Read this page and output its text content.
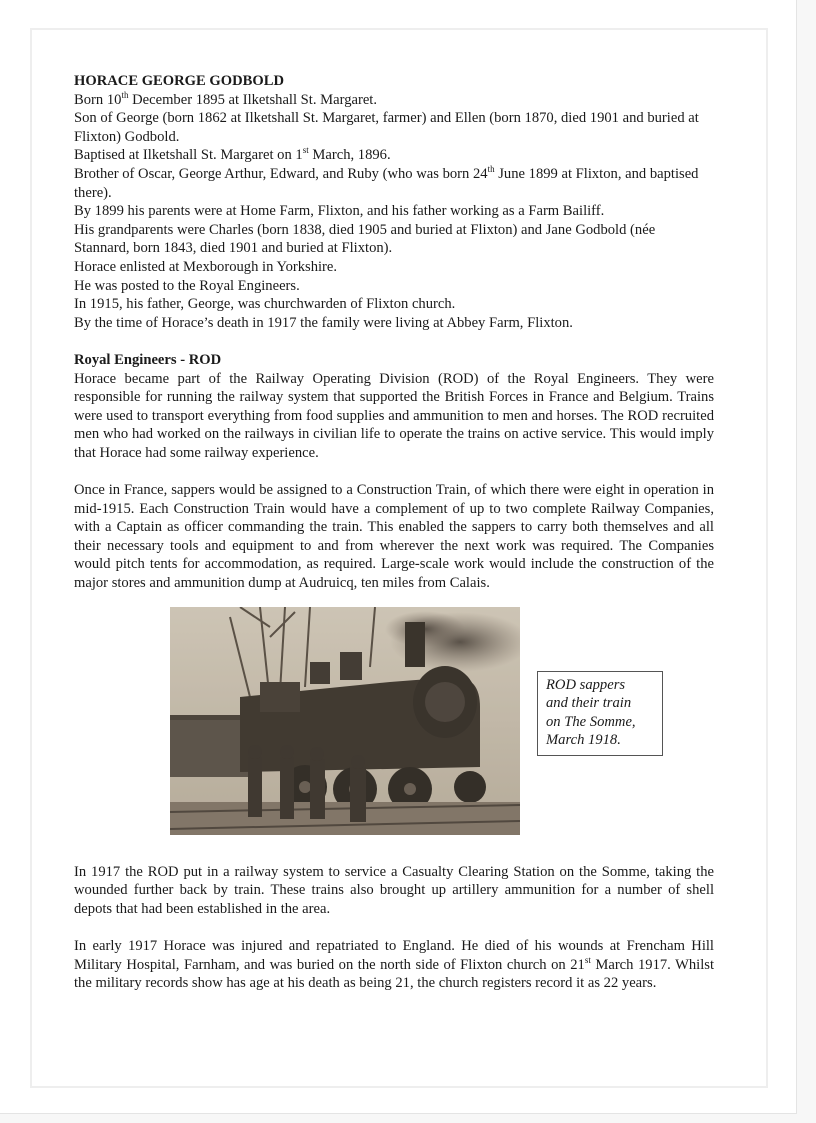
HORACE GEORGE GODBOLD

Born 10th December 1895 at Ilketshall St. Margaret.

Son of George (born 1862 at Ilketshall St. Margaret, farmer) and Ellen (born 1870, died 1901 and buried at Flixton) Godbold.

Baptised at Ilketshall St. Margaret on 1st March, 1896.

Brother of Oscar, George Arthur, Edward, and Ruby (who was born 24th June 1899 at Flixton, and baptised there).

By 1899 his parents were at Home Farm, Flixton, and his father working as a Farm Bailiff.

His grandparents were Charles (born 1838, died 1905 and buried at Flixton) and Jane Godbold (née Stannard, born 1843, died 1901 and buried at Flixton).

Horace enlisted at Mexborough in Yorkshire.

He was posted to the Royal Engineers.

In 1915, his father, George, was churchwarden of Flixton church.

By the time of Horace’s death in 1917 the family were living at Abbey Farm, Flixton.

Royal Engineers - ROD

Horace became part of the Railway Operating Division (ROD) of the Royal Engineers. They were responsible for running the railway system that supported the British Forces in France and Belgium. Trains were used to transport everything from food supplies and ammunition to men and horses. The ROD recruited men who had worked on the railways in civilian life to operate the trains on active service. This would imply that Horace had some railway experience.

Once in France, sappers would be assigned to a Construction Train, of which there were eight in operation in mid-1915. Each Construction Train would have a complement of up to two complete Railway Companies, with a Captain as officer commanding the train. This enabled the sappers to carry both themselves and all their necessary tools and equipment to and from wherever the next work was required. The Companies would pitch tents for accommodation, as required. Large-scale work would include the construction of the major stores and ammunition dump at Audruicq, ten miles from Calais.

ROD sappers
and their train
on The Somme,
March 1918.

In 1917 the ROD put in a railway system to service a Casualty Clearing Station on the Somme, taking the wounded further back by train. These trains also brought up artillery ammunition for a number of shell depots that had been established in the area.

In early 1917 Horace was injured and repatriated to England. He died of his wounds at Frencham Hill Military Hospital, Farnham, and was buried on the north side of Flixton church on 21st March 1917. Whilst the military records show has age at his death as being 21, the church registers record it as 22 years.
